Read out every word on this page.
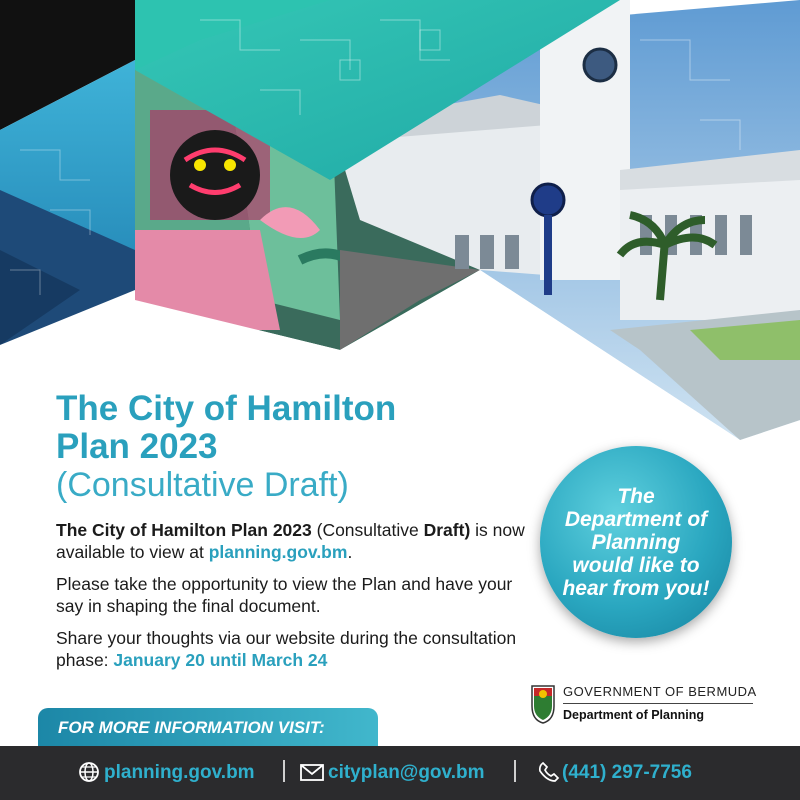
The City of Hamilton
Plan 2023
(Consultative Draft)

The City of Hamilton Plan 2023 (Consultative Draft) is now available to view at planning.gov.bm.

Please take the opportunity to view the Plan and have your say in shaping the final document.

Share your thoughts via our website during the consultation phase: January 20 until March 24

The Department of Planning would like to hear from you!
GOVERNMENT OF BERMUDA
Department of Planning
FOR MORE INFORMATION VISIT:
planning.gov.bm	cityplan@gov.bm	(441) 297-7756
